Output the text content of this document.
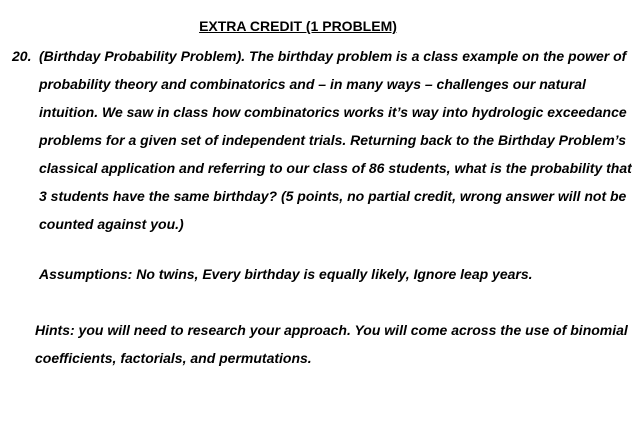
EXTRA CREDIT (1 PROBLEM)
20. (Birthday Probability Problem). The birthday problem is a class example on the power of
probability theory and combinatorics and – in many ways – challenges our natural
intuition. We saw in class how combinatorics works it’s way into hydrologic exceedance
problems for a given set of independent trials. Returning back to the Birthday Problem’s
classical application and referring to our class of 86 students, what is the probability that
3 students have the same birthday? (5 points, no partial credit, wrong answer will not be
counted against you.)
Assumptions: No twins, Every birthday is equally likely, Ignore leap years.
Hints: you will need to research your approach. You will come across the use of binomial
coefficients, factorials, and permutations.
